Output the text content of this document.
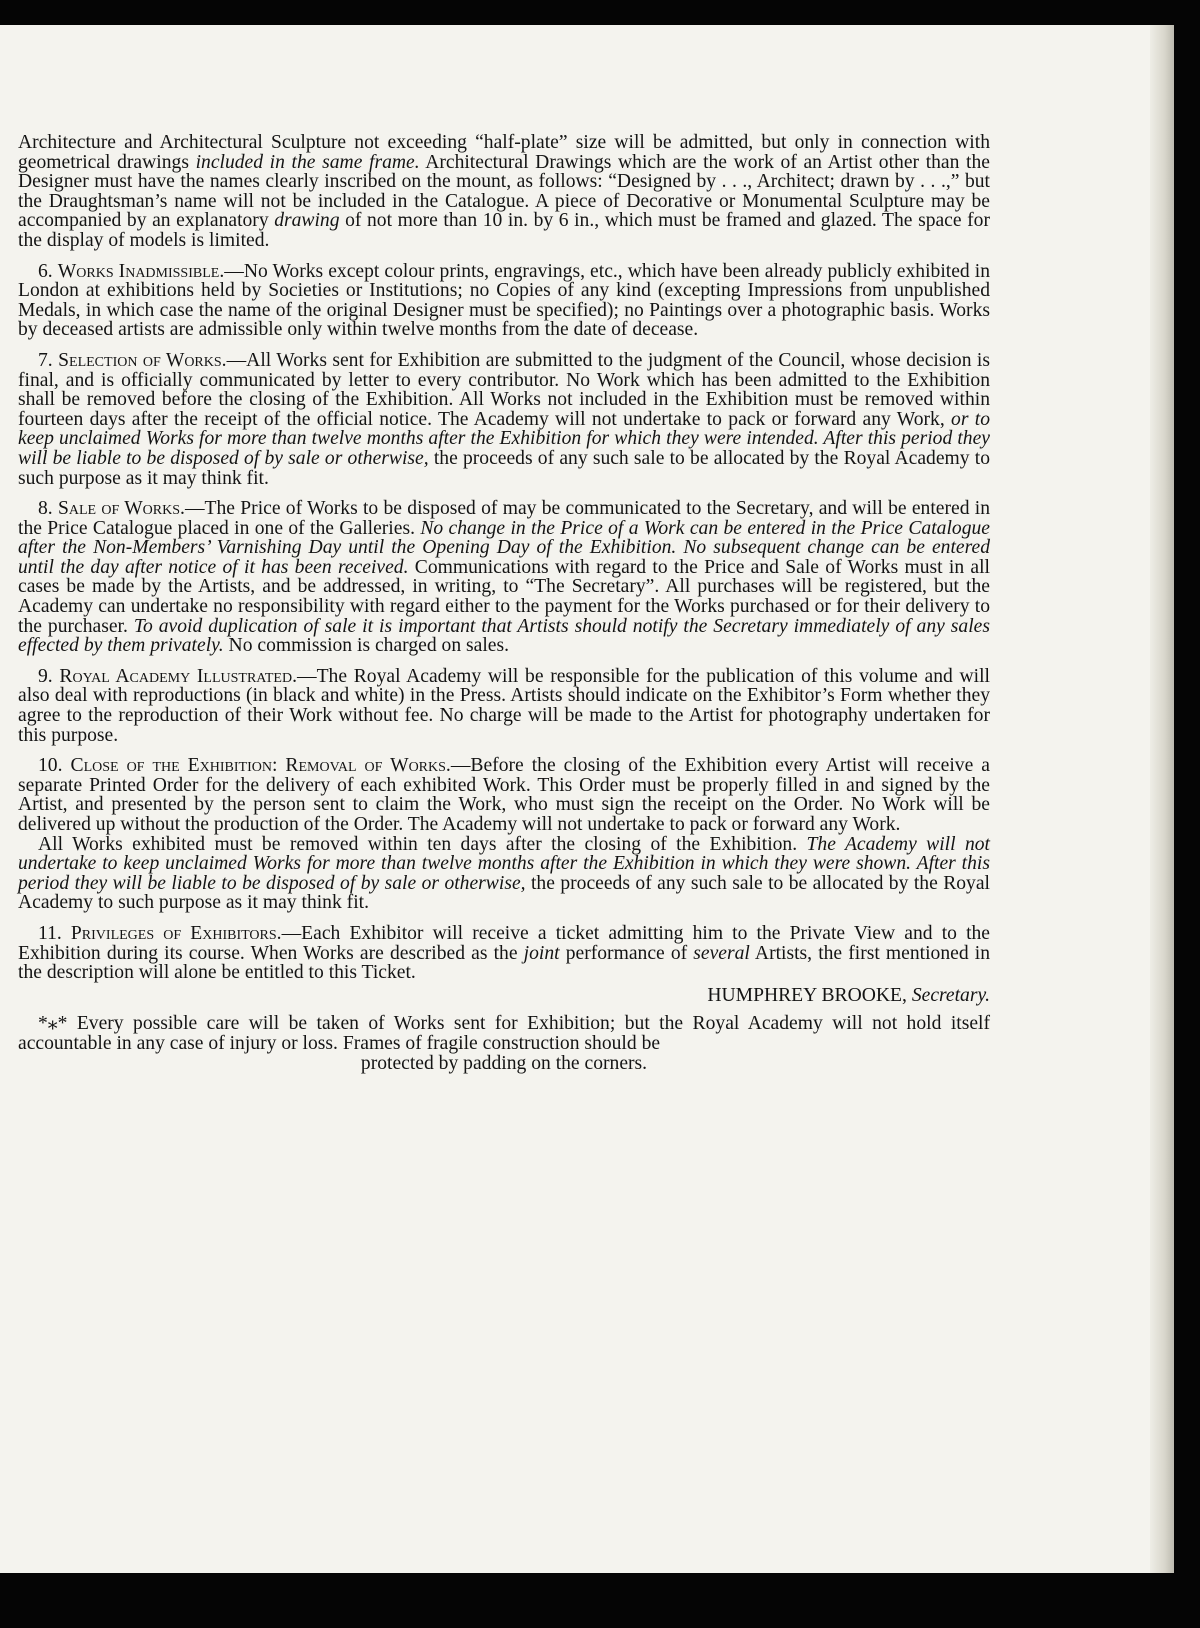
Architecture and Architectural Sculpture not exceeding “half-plate” size will be admitted, but only in connection with geometrical drawings included in the same frame. Architectural Drawings which are the work of an Artist other than the Designer must have the names clearly inscribed on the mount, as follows: “Designed by . . ., Architect; drawn by . . .,” but the Draughtsman’s name will not be included in the Catalogue. A piece of Decorative or Monumental Sculpture may be accompanied by an explanatory drawing of not more than 10 in. by 6 in., which must be framed and glazed. The space for the display of models is limited.

6. Works Inadmissible.—No Works except colour prints, engravings, etc., which have been already publicly exhibited in London at exhibitions held by Societies or Institutions; no Copies of any kind (excepting Impressions from unpublished Medals, in which case the name of the original Designer must be specified); no Paintings over a photographic basis. Works by deceased artists are admissible only within twelve months from the date of decease.

7. Selection of Works.—All Works sent for Exhibition are submitted to the judgment of the Council, whose decision is final, and is officially communicated by letter to every contributor. No Work which has been admitted to the Exhibition shall be removed before the closing of the Exhibition. All Works not included in the Exhibition must be removed within fourteen days after the receipt of the official notice. The Academy will not undertake to pack or forward any Work, or to keep unclaimed Works for more than twelve months after the Exhibition for which they were intended. After this period they will be liable to be disposed of by sale or otherwise, the proceeds of any such sale to be allocated by the Royal Academy to such purpose as it may think fit.

8. Sale of Works.—The Price of Works to be disposed of may be communicated to the Secretary, and will be entered in the Price Catalogue placed in one of the Galleries. No change in the Price of a Work can be entered in the Price Catalogue after the Non-Members’ Varnishing Day until the Opening Day of the Exhibition. No subsequent change can be entered until the day after notice of it has been received. Communications with regard to the Price and Sale of Works must in all cases be made by the Artists, and be addressed, in writing, to “The Secretary”. All purchases will be registered, but the Academy can undertake no responsibility with regard either to the payment for the Works purchased or for their delivery to the purchaser. To avoid duplication of sale it is important that Artists should notify the Secretary immediately of any sales effected by them privately. No commission is charged on sales.

9. Royal Academy Illustrated.—The Royal Academy will be responsible for the publication of this volume and will also deal with reproductions (in black and white) in the Press. Artists should indicate on the Exhibitor’s Form whether they agree to the reproduction of their Work without fee. No charge will be made to the Artist for photography undertaken for this purpose.

10. Close of the Exhibition: Removal of Works.—Before the closing of the Exhibition every Artist will receive a separate Printed Order for the delivery of each exhibited Work. This Order must be properly filled in and signed by the Artist, and presented by the person sent to claim the Work, who must sign the receipt on the Order. No Work will be delivered up without the production of the Order. The Academy will not undertake to pack or forward any Work.

All Works exhibited must be removed within ten days after the closing of the Exhibition. The Academy will not undertake to keep unclaimed Works for more than twelve months after the Exhibition in which they were shown. After this period they will be liable to be disposed of by sale or otherwise, the proceeds of any such sale to be allocated by the Royal Academy to such purpose as it may think fit.

11. Privileges of Exhibitors.—Each Exhibitor will receive a ticket admitting him to the Private View and to the Exhibition during its course. When Works are described as the joint performance of several Artists, the first mentioned in the description will alone be entitled to this Ticket.

HUMPHREY BROOKE, Secretary.

*⁎* Every possible care will be taken of Works sent for Exhibition; but the Royal Academy will not hold itself accountable in any case of injury or loss. Frames of fragile construction should be

protected by padding on the corners.
